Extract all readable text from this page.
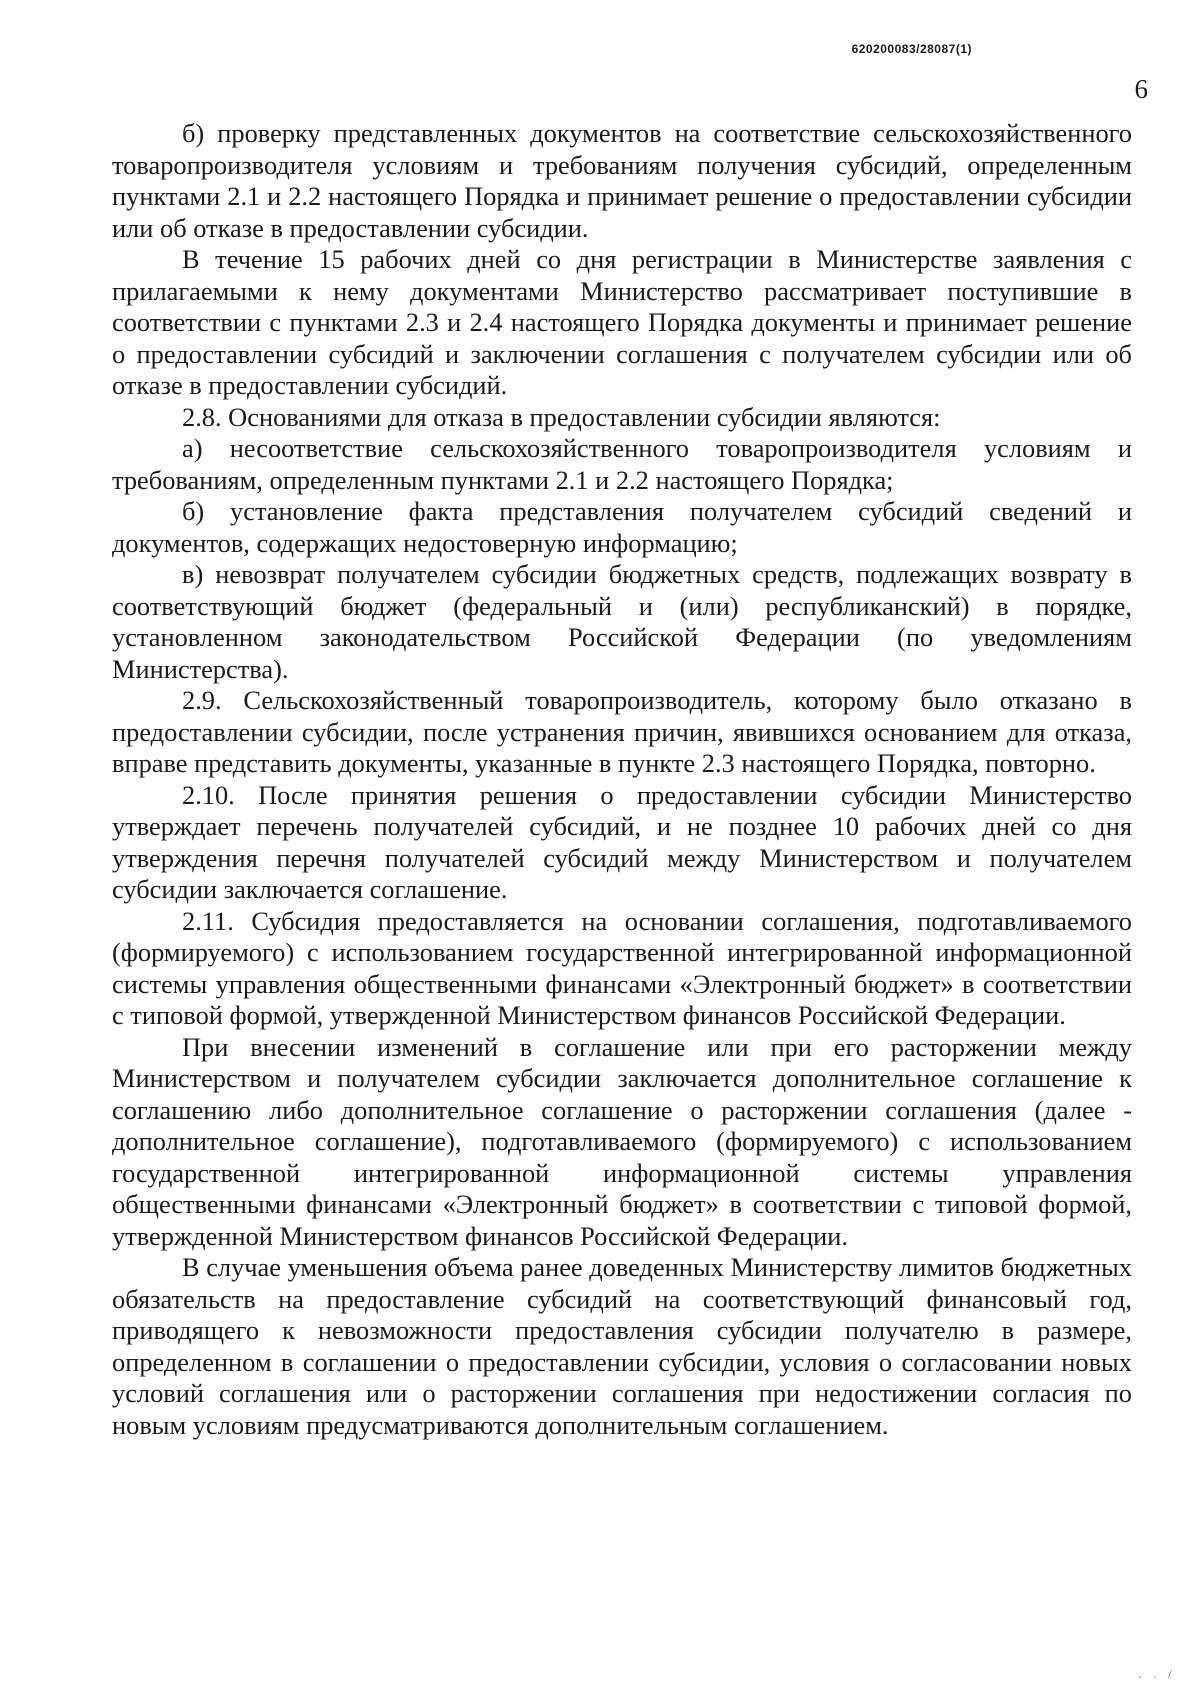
620200083/28087(1)
6

б) проверку представленных документов на соответствие сельскохозяйственного товаропроизводителя условиям и требованиям получения субсидий, определенным пунктами 2.1 и 2.2 настоящего Порядка и принимает решение о предоставлении субсидии или об отказе в предоставлении субсидии.

В течение 15 рабочих дней со дня регистрации в Министерстве заявления с прилагаемыми к нему документами Министерство рассматривает поступившие в соответствии с пунктами 2.3 и 2.4 настоящего Порядка документы и принимает решение о предоставлении субсидий и заключении соглашения с получателем субсидии или об отказе в предоставлении субсидий.

2.8. Основаниями для отказа в предоставлении субсидии являются:

а) несоответствие сельскохозяйственного товаропроизводителя условиям и требованиям, определенным пунктами 2.1 и 2.2 настоящего Порядка;

б) установление факта представления получателем субсидий сведений и документов, содержащих недостоверную информацию;

в) невозврат получателем субсидии бюджетных средств, подлежащих возврату в соответствующий бюджет (федеральный и (или) республиканский) в порядке, установленном законодательством Российской Федерации (по уведомлениям Министерства).

2.9. Сельскохозяйственный товаропроизводитель, которому было отказано в предоставлении субсидии, после устранения причин, явившихся основанием для отказа, вправе представить документы, указанные в пункте 2.3 настоящего Порядка, повторно.

2.10. После принятия решения о предоставлении субсидии Министерство утверждает перечень получателей субсидий, и не позднее 10 рабочих дней со дня утверждения перечня получателей субсидий между Министерством и получателем субсидии заключается соглашение.

2.11. Субсидия предоставляется на основании соглашения, подготавливаемого (формируемого) с использованием государственной интегрированной информационной системы управления общественными финансами «Электронный бюджет» в соответствии с типовой формой, утвержденной Министерством финансов Российской Федерации.

При внесении изменений в соглашение или при его расторжении между Министерством и получателем субсидии заключается дополнительное соглашение к соглашению либо дополнительное соглашение о расторжении соглашения (далее - дополнительное соглашение), подготавливаемого (формируемого) с использованием государственной интегрированной информационной системы управления общественными финансами «Электронный бюджет» в соответствии с типовой формой, утвержденной Министерством финансов Российской Федерации.

В случае уменьшения объема ранее доведенных Министерству лимитов бюджетных обязательств на предоставление субсидий на соответствующий финансовый год, приводящего к невозможности предоставления субсидии получателю в размере, определенном в соглашении о предоставлении субсидии, условия о согласовании новых условий соглашения или о расторжении соглашения при недостижении согласия по новым условиям предусматриваются дополнительным соглашением.

. . /
